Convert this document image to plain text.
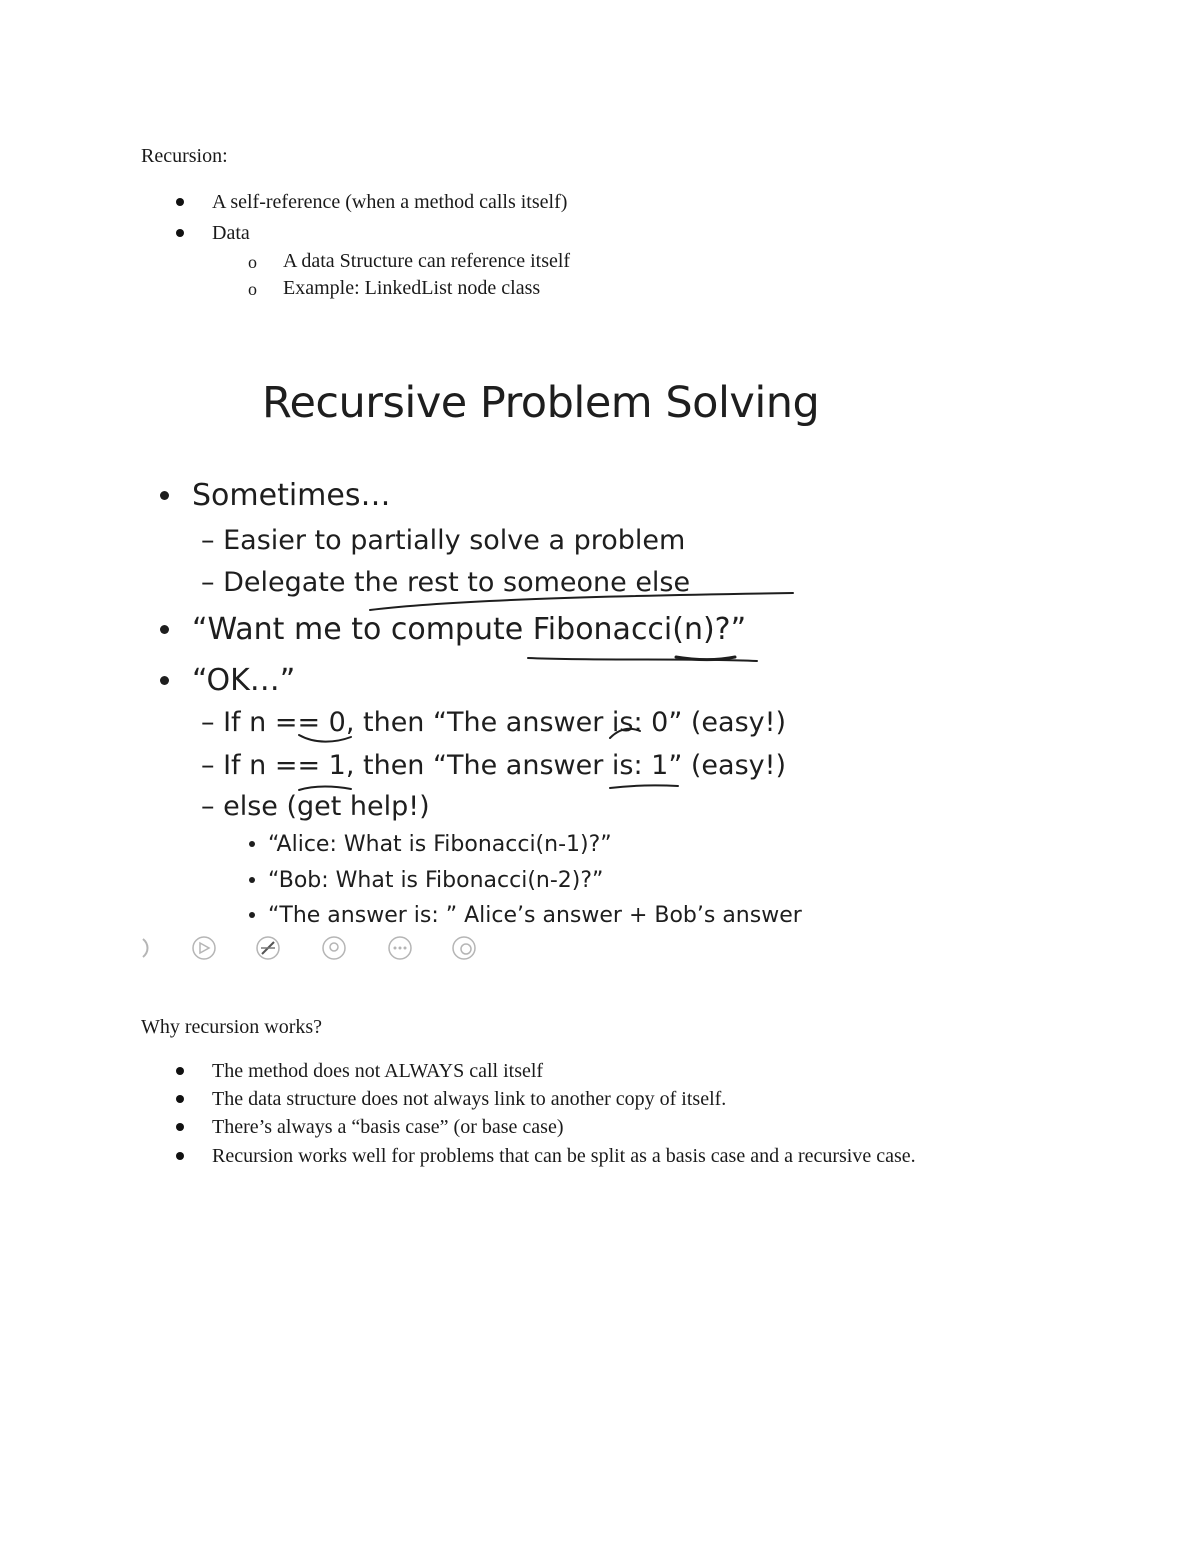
Recursion:
A self-reference (when a method calls itself)
Data
o A data Structure can reference itself
o Example: LinkedList node class
Recursive Problem Solving
Sometimes…
– Easier to partially solve a problem
– Delegate the rest to someone else
“Want me to compute Fibonacci(n)?”
“OK…”
– If n == 0, then “The answer is: 0” (easy!)
– If n == 1, then “The answer is: 1” (easy!)
– else (get help!)
“Alice: What is Fibonacci(n-1)?”
“Bob: What is Fibonacci(n-2)?”
“The answer is: ” Alice’s answer + Bob’s answer
Why recursion works?
The method does not ALWAYS call itself
The data structure does not always link to another copy of itself.
There’s always a “basis case” (or base case)
Recursion works well for problems that can be split as a basis case and a recursive case.
